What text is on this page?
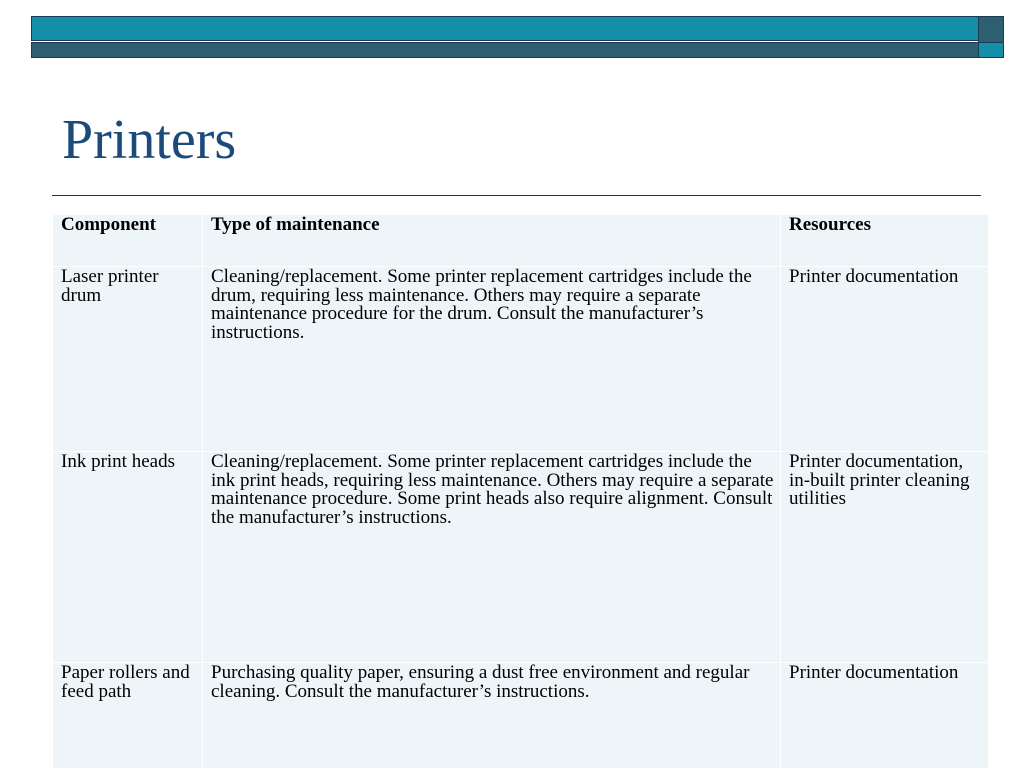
Printers
Component	Type of maintenance	Resources
Laser printer drum	Cleaning/replacement. Some printer replacement cartridges include the drum, requiring less maintenance. Others may require a separate maintenance procedure for the drum. Consult the manufacturer’s instructions.	Printer documentation
Ink print heads	Cleaning/replacement. Some printer replacement cartridges include the ink print heads, requiring less maintenance. Others may require a separate maintenance procedure. Some print heads also require alignment. Consult the manufacturer’s instructions.	Printer documentation, in-built printer cleaning utilities
Paper rollers and feed path	Purchasing quality paper, ensuring a dust free environment and regular cleaning. Consult the manufacturer’s instructions.	Printer documentation
